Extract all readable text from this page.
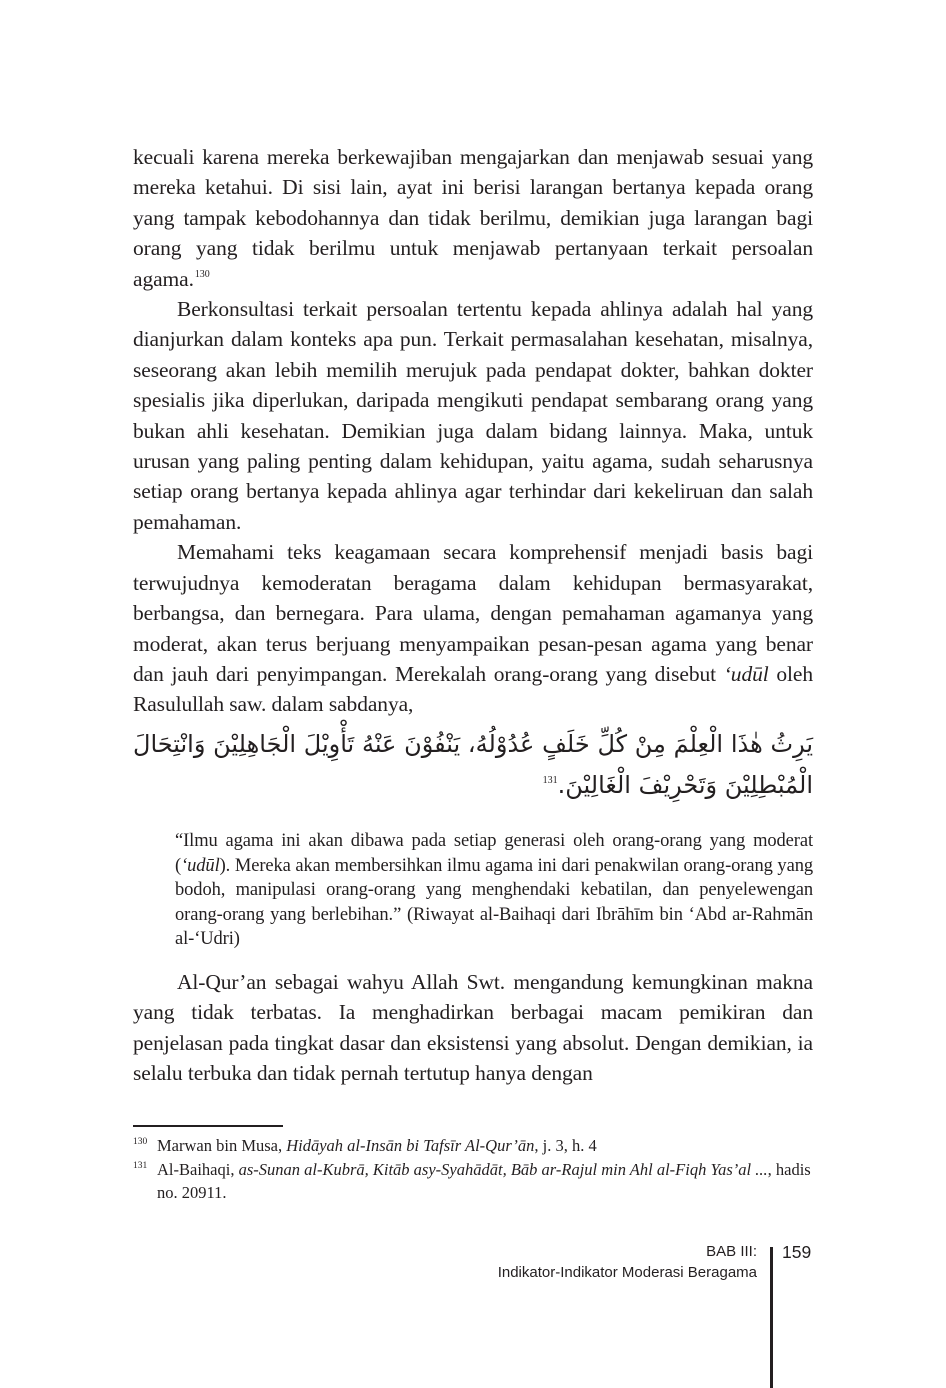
kecuali karena mereka berkewajiban mengajarkan dan menjawab sesuai yang mereka ketahui. Di sisi lain, ayat ini berisi larangan bertanya kepada orang yang tampak kebodohannya dan tidak berilmu, demikian juga larangan bagi orang yang tidak berilmu untuk menjawab pertanyaan terkait persoalan agama.$^{130}$

Berkonsultasi terkait persoalan tertentu kepada ahlinya adalah hal yang dianjurkan dalam konteks apa pun. Terkait permasalahan kesehatan, misalnya, seseorang akan lebih memilih merujuk pada pendapat dokter, bahkan dokter spesialis jika diperlukan, daripada mengikuti pendapat sembarang orang yang bukan ahli kesehatan. Demikian juga dalam bidang lainnya. Maka, untuk urusan yang paling penting dalam kehidupan, yaitu agama, sudah seharusnya setiap orang bertanya kepada ahlinya agar terhindar dari kekeliruan dan salah pemahaman.

Memahami teks keagamaan secara komprehensif menjadi basis bagi terwujudnya kemoderatan beragama dalam kehidupan bermasyarakat, berbangsa, dan bernegara. Para ulama, dengan pemahaman agamanya yang moderat, akan terus berjuang menyampaikan pesan-pesan agama yang benar dan jauh dari penyimpangan. Merekalah orang-orang yang disebut ‘udūl oleh Rasulullah saw. dalam sabdanya,

يَرِثُ هٰذَا الْعِلْمَ مِنْ كُلِّ خَلَفٍ عُدُوْلُهُ، يَنْفُوْنَ عَنْهُ تَأْوِيْلَ الْجَاهِلِيْنَ وَانْتِحَالَ الْمُبْطِلِيْنَ وَتَحْرِيْفَ الْغَالِيْنَ.$^{131}$

“Ilmu agama ini akan dibawa pada setiap generasi oleh orang-orang yang moderat (‘udūl). Mereka akan membersihkan ilmu agama ini dari penakwilan orang-orang yang bodoh, manipulasi orang-orang yang menghendaki kebatilan, dan penyelewengan orang-orang yang berlebihan.” (Riwayat al-Baihaqi dari Ibrāhīm bin ‘Abd ar-Rahmān al-‘Udri)

Al-Qur’an sebagai wahyu Allah Swt. mengandung kemungkinan makna yang tidak terbatas. Ia menghadirkan berbagai macam pemikiran dan penjelasan pada tingkat dasar dan eksistensi yang absolut. Dengan demikian, ia selalu terbuka dan tidak pernah tertutup hanya dengan

130 Marwan bin Musa, Hidāyah al-Insān bi Tafsīr Al-Qur’ān, j. 3, h. 4

131 Al-Baihaqi, as-Sunan al-Kubrā, Kitāb asy-Syahādāt, Bāb ar-Rajul min Ahl al-Fiqh Yas’al ..., hadis no. 20911.

BAB III:
Indikator-Indikator Moderasi Beragama
159
